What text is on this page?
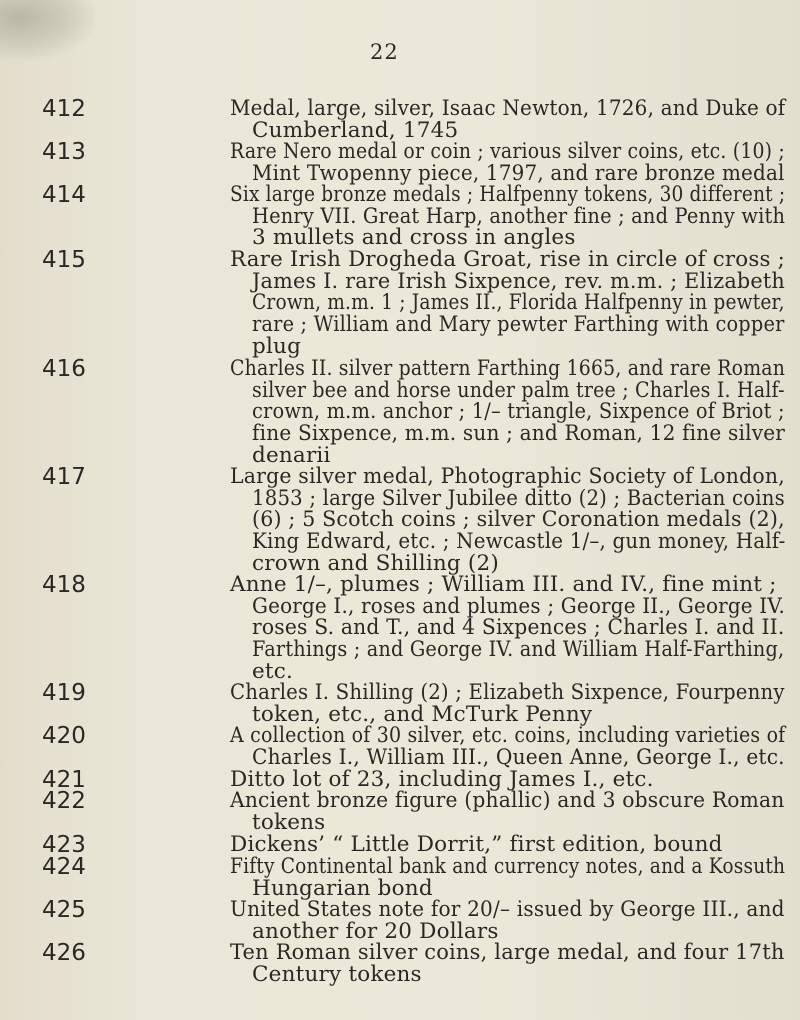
22
412	Medal, large, silver, Isaac Newton, 1726, and Duke of
Cumberland, 1745
413	Rare Nero medal or coin ; various silver coins, etc. (10) ;
Mint Twopenny piece, 1797, and rare bronze medal
414	Six large bronze medals ; Halfpenny tokens, 30 different ;
Henry VII. Great Harp, another fine ; and Penny with
3 mullets and cross in angles
415	Rare Irish Drogheda Groat, rise in circle of cross ;
James I. rare Irish Sixpence, rev. m.m. ; Elizabeth
Crown, m.m. 1 ; James II., Florida Halfpenny in pewter,
rare ; William and Mary pewter Farthing with copper
plug
416	Charles II. silver pattern Farthing 1665, and rare Roman
silver bee and horse under palm tree ; Charles I. Half-
crown, m.m. anchor ; 1/– triangle, Sixpence of Briot ;
fine Sixpence, m.m. sun ; and Roman, 12 fine silver
denarii
417	Large silver medal, Photographic Society of London,
1853 ; large Silver Jubilee ditto (2) ; Bacterian coins
(6) ; 5 Scotch coins ; silver Coronation medals (2),
King Edward, etc. ; Newcastle 1/–, gun money, Half-
crown and Shilling (2)
418	Anne 1/–, plumes ; William III. and IV., fine mint ;
George I., roses and plumes ; George II., George IV.
roses S. and T., and 4 Sixpences ; Charles I. and II.
Farthings ; and George IV. and William Half-Farthing,
etc.
419	Charles I. Shilling (2) ; Elizabeth Sixpence, Fourpenny
token, etc., and McTurk Penny
420	A collection of 30 silver, etc. coins, including varieties of
Charles I., William III., Queen Anne, George I., etc.
421	Ditto lot of 23, including James I., etc.
422	Ancient bronze figure (phallic) and 3 obscure Roman
tokens
423	Dickens’ “ Little Dorrit,” first edition, bound
424	Fifty Continental bank and currency notes, and a Kossuth
Hungarian bond
425	United States note for 20/– issued by George III., and
another for 20 Dollars
426	Ten Roman silver coins, large medal, and four 17th
Century tokens
